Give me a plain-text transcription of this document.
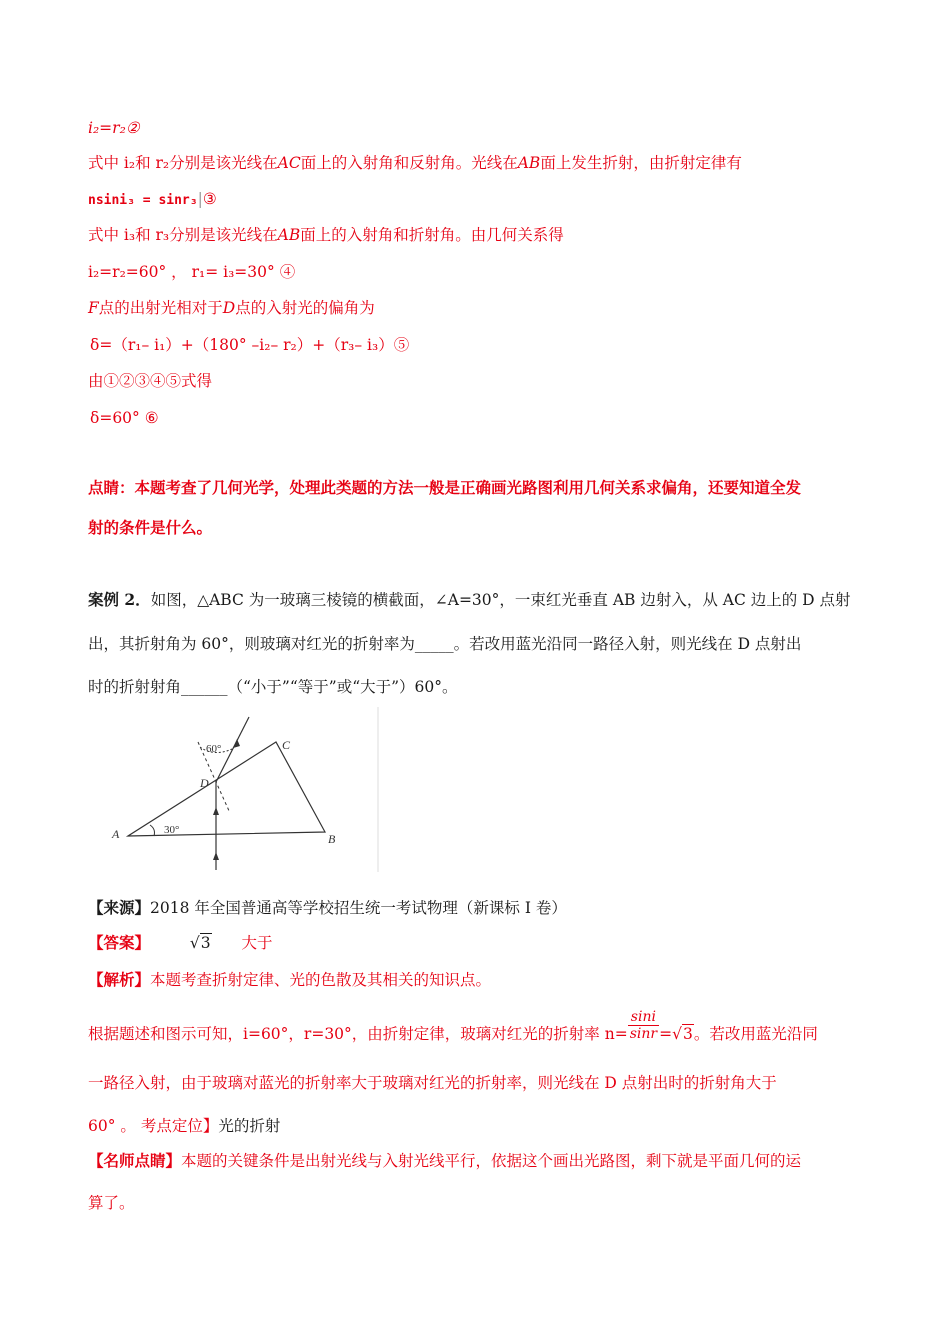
i₂=r₂②
式中 i₂和 r₂分别是该光线在AC面上的入射角和反射角。光线在AB面上发生折射，由折射定律有
nsini₃ = sinr₃|③
式中 i₃和 r₃分别是该光线在AB面上的入射角和折射角。由几何关系得
i₂=r₂=60° ， r₁= i₃=30° ④
F点的出射光相对于D点的入射光的偏角为
δ=（r₁– i₁）+（180° –i₂– r₂）+（r₃– i₃）⑤
由①②③④⑤式得
δ=60° ⑥
点睛：本题考查了几何光学，处理此类题的方法一般是正确画光路图利用几何关系求偏角，还要知道全发
射的条件是什么。
案例 2．如图，△ABC 为一玻璃三棱镜的横截面，∠A=30°，一束红光垂直 AB 边射入，从 AC 边上的 D 点射
出，其折射角为 60°，则玻璃对红光的折射率为_____。若改用蓝光沿同一路径入射，则光线在 D 点射出
时的折射射角______（“小于”“等于”或“大于”）60°。
60°
30°
A	B
C
D
【来源】2018 年全国普通高等学校招生统一考试物理（新课标 I 卷）
【答案】	√3 大于
【解析】本题考查折射定律、光的色散及其相关的知识点。
根据题述和图示可知，i=60°，r=30°，由折射定律，玻璃对红光的折射率 $n= \frac{\sin i}{\sin r} =√3$。若改用蓝光沿同
一路径入射，由于玻璃对蓝光的折射率大于玻璃对红光的折射率，则光线在 D 点射出时的折射角大于
60° 。 考点定位】光的折射
【名师点睛】本题的关键条件是出射光线与入射光线平行，依据这个画出光路图，剩下就是平面几何的运
算了。
